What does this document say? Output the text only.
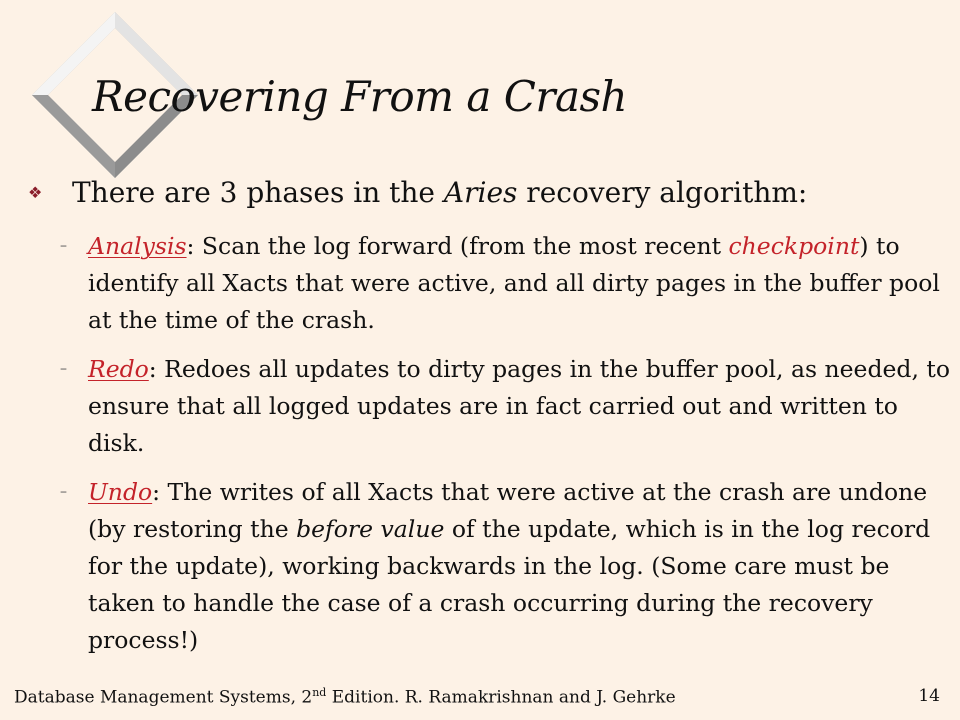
Recovering From a Crash
❖ There are 3 phases in the Aries recovery algorithm:
– Analysis: Scan the log forward (from the most recent checkpoint) to identify all Xacts that were active, and all dirty pages in the buffer pool at the time of the crash.
– Redo: Redoes all updates to dirty pages in the buffer pool, as needed, to ensure that all logged updates are in fact carried out and written to disk.
– Undo: The writes of all Xacts that were active at the crash are undone (by restoring the before value of the update, which is in the log record for the update), working backwards in the log. (Some care must be taken to handle the case of a crash occurring during the recovery process!)
Database Management Systems, 2nd Edition. R. Ramakrishnan and J. Gehrke	14
